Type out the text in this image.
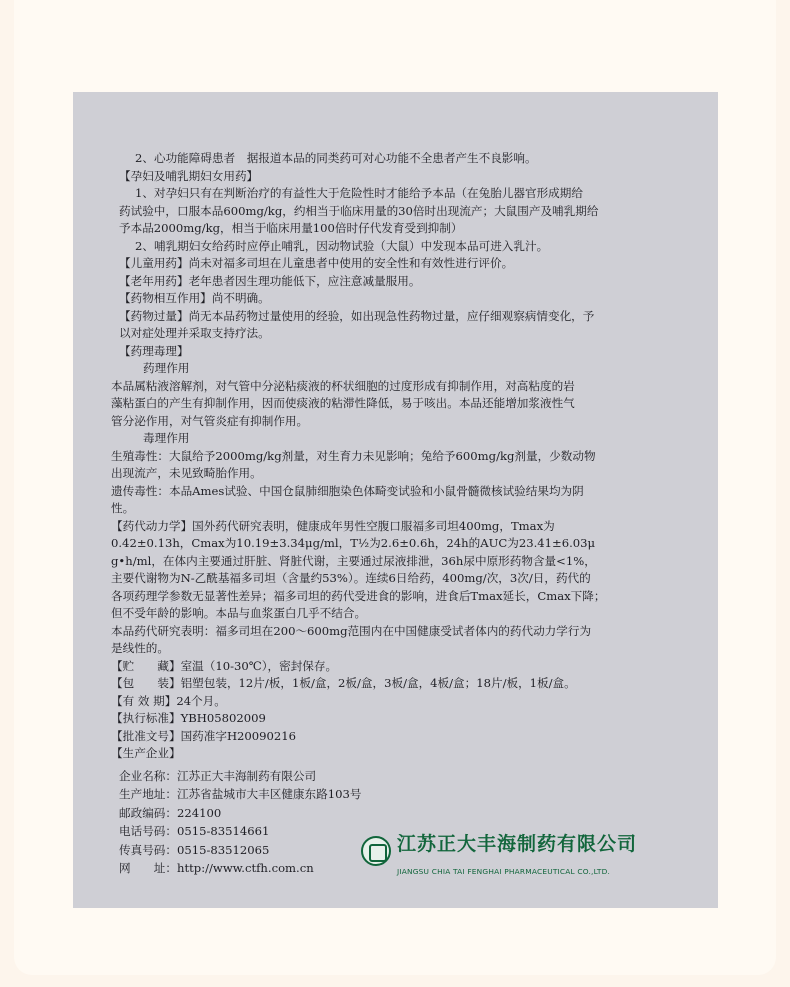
2、心功能障碍患者　据报道本品的同类药可对心功能不全患者产生不良影响。
【孕妇及哺乳期妇女用药】
1、对孕妇只有在判断治疗的有益性大于危险性时才能给予本品（在兔胎儿器官形成期给
药试验中，口服本品600mg/kg，约相当于临床用量的30倍时出现流产；大鼠围产及哺乳期给
予本品2000mg/kg，相当于临床用量100倍时仔代发育受到抑制）
2、哺乳期妇女给药时应停止哺乳，因动物试验（大鼠）中发现本品可进入乳汁。
【儿童用药】尚未对福多司坦在儿童患者中使用的安全性和有效性进行评价。
【老年用药】老年患者因生理功能低下，应注意减量服用。
【药物相互作用】尚不明确。
【药物过量】尚无本品药物过量使用的经验，如出现急性药物过量，应仔细观察病情变化，予
以对症处理并采取支持疗法。
【药理毒理】
药理作用
本品属粘液溶解剂，对气管中分泌粘痰液的杯状细胞的过度形成有抑制作用，对高粘度的岩
藻粘蛋白的产生有抑制作用，因而使痰液的粘滞性降低，易于咳出。本品还能增加浆液性气
管分泌作用，对气管炎症有抑制作用。
毒理作用
生殖毒性：大鼠给予2000mg/kg剂量，对生育力未见影响；兔给予600mg/kg剂量，少数动物
出现流产，未见致畸胎作用。
遗传毒性：本品Ames试验、中国仓鼠肺细胞染色体畸变试验和小鼠骨髓微核试验结果均为阴
性。
【药代动力学】国外药代研究表明，健康成年男性空腹口服福多司坦400mg，Tmax为
0.42±0.13h，Cmax为10.19±3.34μg/ml，T½为2.6±0.6h，24h的AUC为23.41±6.03μ
g•h/ml，在体内主要通过肝脏、肾脏代谢，主要通过尿液排泄，36h尿中原形药物含量<1%，
主要代谢物为N-乙酰基福多司坦（含量约53%）。连续6日给药，400mg/次，3次/日，药代的
各项药理学参数无显著性差异；福多司坦的药代受进食的影响，进食后Tmax延长，Cmax下降；
但不受年龄的影响。本品与血浆蛋白几乎不结合。
本品药代研究表明：福多司坦在200～600mg范围内在中国健康受试者体内的药代动力学行为
是线性的。
【贮　　藏】室温（10-30℃），密封保存。
【包　　装】铝塑包装，12片/板，1板/盒，2板/盒，3板/盒，4板/盒；18片/板，1板/盒。
【有 效 期】24个月。
【执行标准】YBH05802009
【批准文号】国药准字H20090216
【生产企业】
企业名称：江苏正大丰海制药有限公司
生产地址：江苏省盐城市大丰区健康东路103号
邮政编码：224100
电话号码：0515-83514661
传真号码：0515-83512065
网　　址：http://www.ctfh.com.cn
江苏正大丰海制药有限公司
JIANGSU CHIA TAI FENGHAI PHARMACEUTICAL CO.,LTD.
